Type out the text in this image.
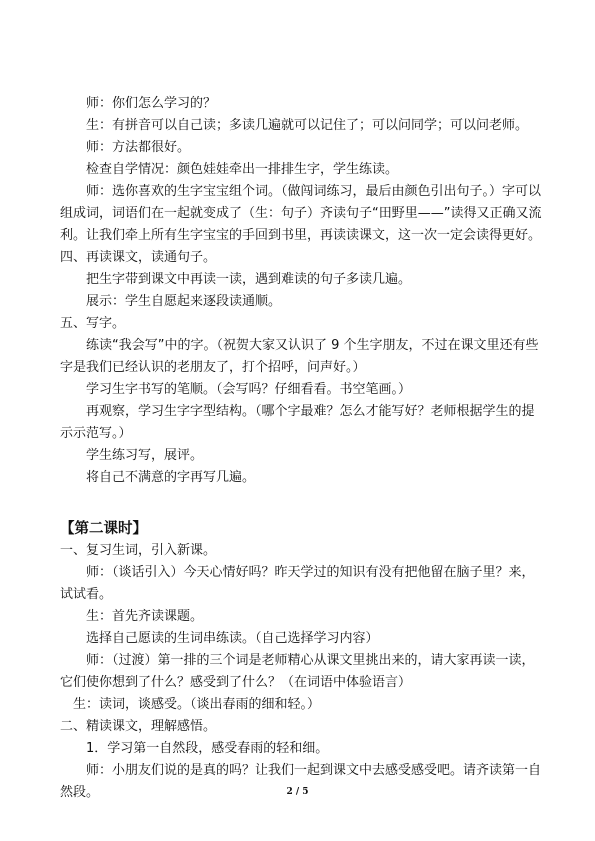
师：你们怎么学习的？

生：有拼音可以自己读；多读几遍就可以记住了；可以问同学；可以问老师。

师：方法都很好。

检查自学情况：颜色娃娃牵出一排排生字，学生练读。

师：选你喜欢的生字宝宝组个词。（做闯词练习，最后由颜色引出句子。）字可以组成词，词语们在一起就变成了（生：句子）齐读句子“田野里——”读得又正确又流利。让我们牵上所有生字宝宝的手回到书里，再读读课文，这一次一定会读得更好。

四、再读课文，读通句子。

把生字带到课文中再读一读，遇到难读的句子多读几遍。

展示：学生自愿起来逐段读通顺。

五、写字。

练读“我会写”中的字。（祝贺大家又认识了 9 个生字朋友，不过在课文里还有些字是我们已经认识的老朋友了，打个招呼，问声好。）

学习生字书写的笔顺。（会写吗？仔细看看。书空笔画。）

再观察，学习生字字型结构。（哪个字最难？怎么才能写好？老师根据学生的提示示范写。）

学生练习写，展评。

将自己不满意的字再写几遍。

【第二课时】

一、复习生词，引入新课。

师：（谈话引入）今天心情好吗？昨天学过的知识有没有把他留在脑子里？来，试试看。

生：首先齐读课题。

选择自己愿读的生词串练读。（自己选择学习内容）

师：（过渡）第一排的三个词是老师精心从课文里挑出来的，请大家再读一读，它们使你想到了什么？感受到了什么？（在词语中体验语言）

生：读词，谈感受。（谈出春雨的细和轻。）

二、精读课文，理解感悟。

1．学习第一自然段，感受春雨的轻和细。

师：小朋友们说的是真的吗？让我们一起到课文中去感受感受吧。请齐读第一自然段。	2 / 5
